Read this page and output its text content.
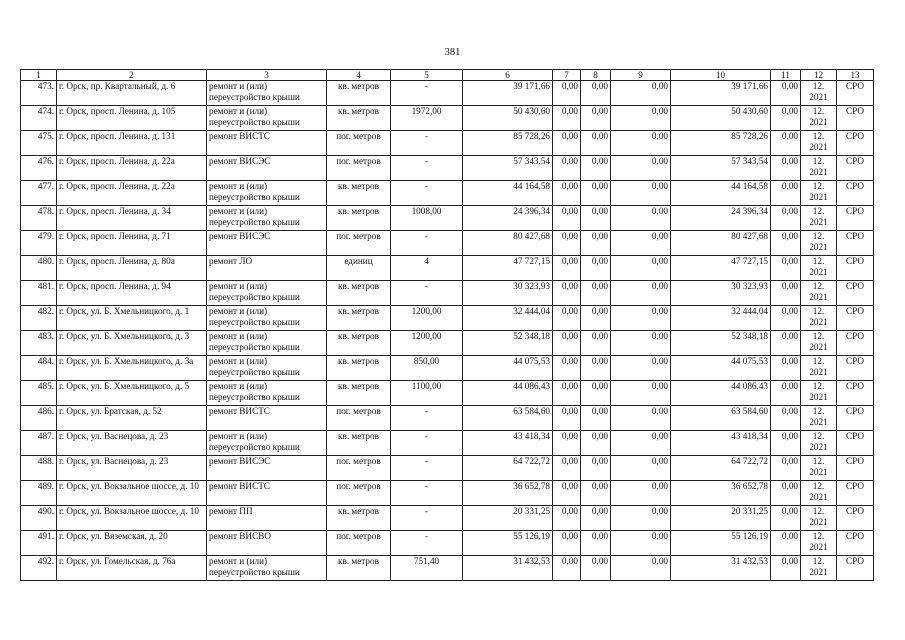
381
1	2	3	4	5	6	7	8	9	10	11	12	13
473.	г. Орск, пр. Квартальный, д. 6	ремонт и (или) переустройство крыши	кв. метров	-	39 171,66	0,00	0,00	0,00	39 171,66	0,00	12. 2021	СРО
474.	г. Орск, просп. Ленина, д. 105	ремонт и (или) переустройство крыши	кв. метров	1972,00	50 430,60	0,00	0,00	0,00	50 430,60	0,00	12. 2021	СРО
475.	г. Орск, просп. Ленина, д. 131	ремонт ВИСТС	пог. метров	-	85 728,26	0,00	0,00	0,00	85 728,26	0,00	12. 2021	СРО
476.	г. Орск, просп. Ленина, д. 22а	ремонт ВИСЭС	пог. метров	-	57 343,54	0,00	0,00	0,00	57 343,54	0,00	12. 2021	СРО
477.	г. Орск, просп. Ленина, д. 22а	ремонт и (или) переустройство крыши	кв. метров	-	44 164,58	0,00	0,00	0,00	44 164,58	0,00	12. 2021	СРО
478.	г. Орск, просп. Ленина, д. 34	ремонт и (или) переустройство крыши	кв. метров	1008,00	24 396,34	0,00	0,00	0,00	24 396,34	0,00	12. 2021	СРО
479.	г. Орск, просп. Ленина, д. 71	ремонт ВИСЭС	пог. метров	-	80 427,68	0,00	0,00	0,00	80 427,68	0,00	12. 2021	СРО
480.	г. Орск, просп. Ленина, д. 80а	ремонт ЛО	единиц	4	47 727,15	0,00	0,00	0,00	47 727,15	0,00	12. 2021	СРО
481.	г. Орск, просп. Ленина, д. 94	ремонт и (или) переустройство крыши	кв. метров	-	30 323,93	0,00	0,00	0,00	30 323,93	0,00	12. 2021	СРО
482.	г. Орск, ул. Б. Хмельницкого, д. 1	ремонт и (или) переустройство крыши	кв. метров	1200,00	32 444,04	0,00	0,00	0,00	32 444,04	0,00	12. 2021	СРО
483.	г. Орск, ул. Б. Хмельницкого, д. 3	ремонт и (или) переустройство крыши	кв. метров	1200,00	52 348,18	0,00	0,00	0,00	52 348,18	0,00	12. 2021	СРО
484.	г. Орск, ул. Б. Хмельницкого, д. 3а	ремонт и (или) переустройство крыши	кв. метров	850,00	44 075,53	0,00	0,00	0,00	44 075,53	0,00	12. 2021	СРО
485.	г. Орск, ул. Б. Хмельницкого, д. 5	ремонт и (или) переустройство крыши	кв. метров	1100,00	44 086,43	0,00	0,00	0,00	44 086,43	0,00	12. 2021	СРО
486.	г. Орск, ул. Братская, д. 52	ремонт ВИСТС	пог. метров	-	63 584,60	0,00	0,00	0,00	63 584,60	0,00	12. 2021	СРО
487.	г. Орск, ул. Васнецова, д. 23	ремонт и (или) переустройство крыши	кв. метров	-	43 418,34	0,00	0,00	0,00	43 418,34	0,00	12. 2021	СРО
488.	г. Орск, ул. Васнецова, д. 23	ремонт ВИСЭС	пог. метров	-	64 722,72	0,00	0,00	0,00	64 722,72	0,00	12. 2021	СРО
489.	г. Орск, ул. Вокзальное шоссе, д. 10	ремонт ВИСТС	пог. метров	-	36 652,78	0,00	0,00	0,00	36 652,78	0,00	12. 2021	СРО
490.	г. Орск, ул. Вокзальное шоссе, д. 10	ремонт ПП	кв. метров	-	20 331,25	0,00	0,00	0,00	20 331,25	0,00	12. 2021	СРО
491.	г. Орск, ул. Вяземская, д. 20	ремонт ВИСВО	пог. метров	-	55 126,19	0,00	0,00	0,00	55 126,19	0,00	12. 2021	СРО
492.	г. Орск, ул. Гомельская, д. 76а	ремонт и (или) переустройство крыши	кв. метров	751,40	31 432,53	0,00	0,00	0,00	31 432,53	0,00	12. 2021	СРО
